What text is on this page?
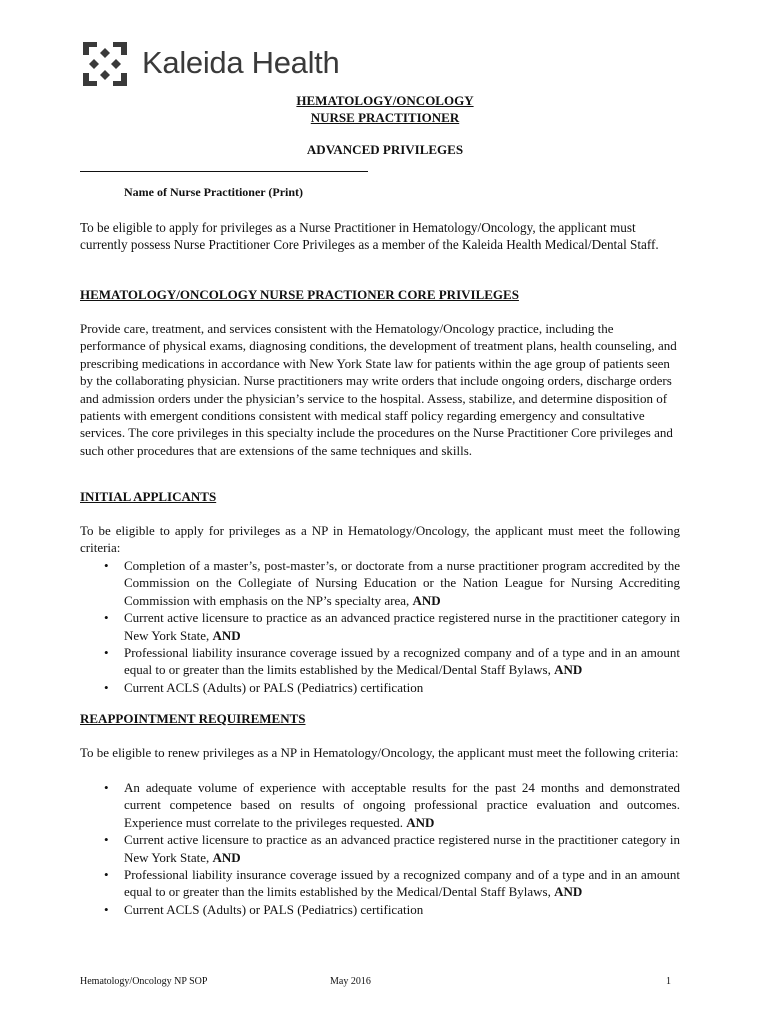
Kaleida Health
HEMATOLOGY/ONCOLOGY
NURSE PRACTITIONER
ADVANCED PRIVILEGES
Name of Nurse Practitioner (Print)
To be eligible to apply for privileges as a Nurse Practitioner in Hematology/Oncology, the applicant must currently possess Nurse Practitioner Core Privileges as a member of the Kaleida Health Medical/Dental Staff.
HEMATOLOGY/ONCOLOGY NURSE PRACTIONER CORE PRIVILEGES
Provide care, treatment, and services consistent with the Hematology/Oncology practice, including the performance of physical exams, diagnosing conditions, the development of treatment plans, health counseling, and prescribing medications in accordance with New York State law for patients within the age group of patients seen by the collaborating physician. Nurse practitioners may write orders that include ongoing orders, discharge orders and admission orders under the physician’s service to the hospital. Assess, stabilize, and determine disposition of patients with emergent conditions consistent with medical staff policy regarding emergency and consultative services. The core privileges in this specialty include the procedures on the Nurse Practitioner Core privileges and such other procedures that are extensions of the same techniques and skills.
INITIAL APPLICANTS
To be eligible to apply for privileges as a NP in Hematology/Oncology, the applicant must meet the following criteria:
• Completion of a master’s, post-master’s, or doctorate from a nurse practitioner program accredited by the Commission on the Collegiate of Nursing Education or the Nation League for Nursing Accrediting Commission with emphasis on the NP’s specialty area, AND
• Current active licensure to practice as an advanced practice registered nurse in the practitioner category in New York State, AND
• Professional liability insurance coverage issued by a recognized company and of a type and in an amount equal to or greater than the limits established by the Medical/Dental Staff Bylaws, AND
• Current ACLS (Adults) or PALS (Pediatrics) certification
REAPPOINTMENT REQUIREMENTS
To be eligible to renew privileges as a NP in Hematology/Oncology, the applicant must meet the following criteria:
• An adequate volume of experience with acceptable results for the past 24 months and demonstrated current competence based on results of ongoing professional practice evaluation and outcomes. Experience must correlate to the privileges requested. AND
• Current active licensure to practice as an advanced practice registered nurse in the practitioner category in New York State, AND
• Professional liability insurance coverage issued by a recognized company and of a type and in an amount equal to or greater than the limits established by the Medical/Dental Staff Bylaws, AND
• Current ACLS (Adults) or PALS (Pediatrics) certification
Hematology/Oncology NP SOP	May 2016	1
